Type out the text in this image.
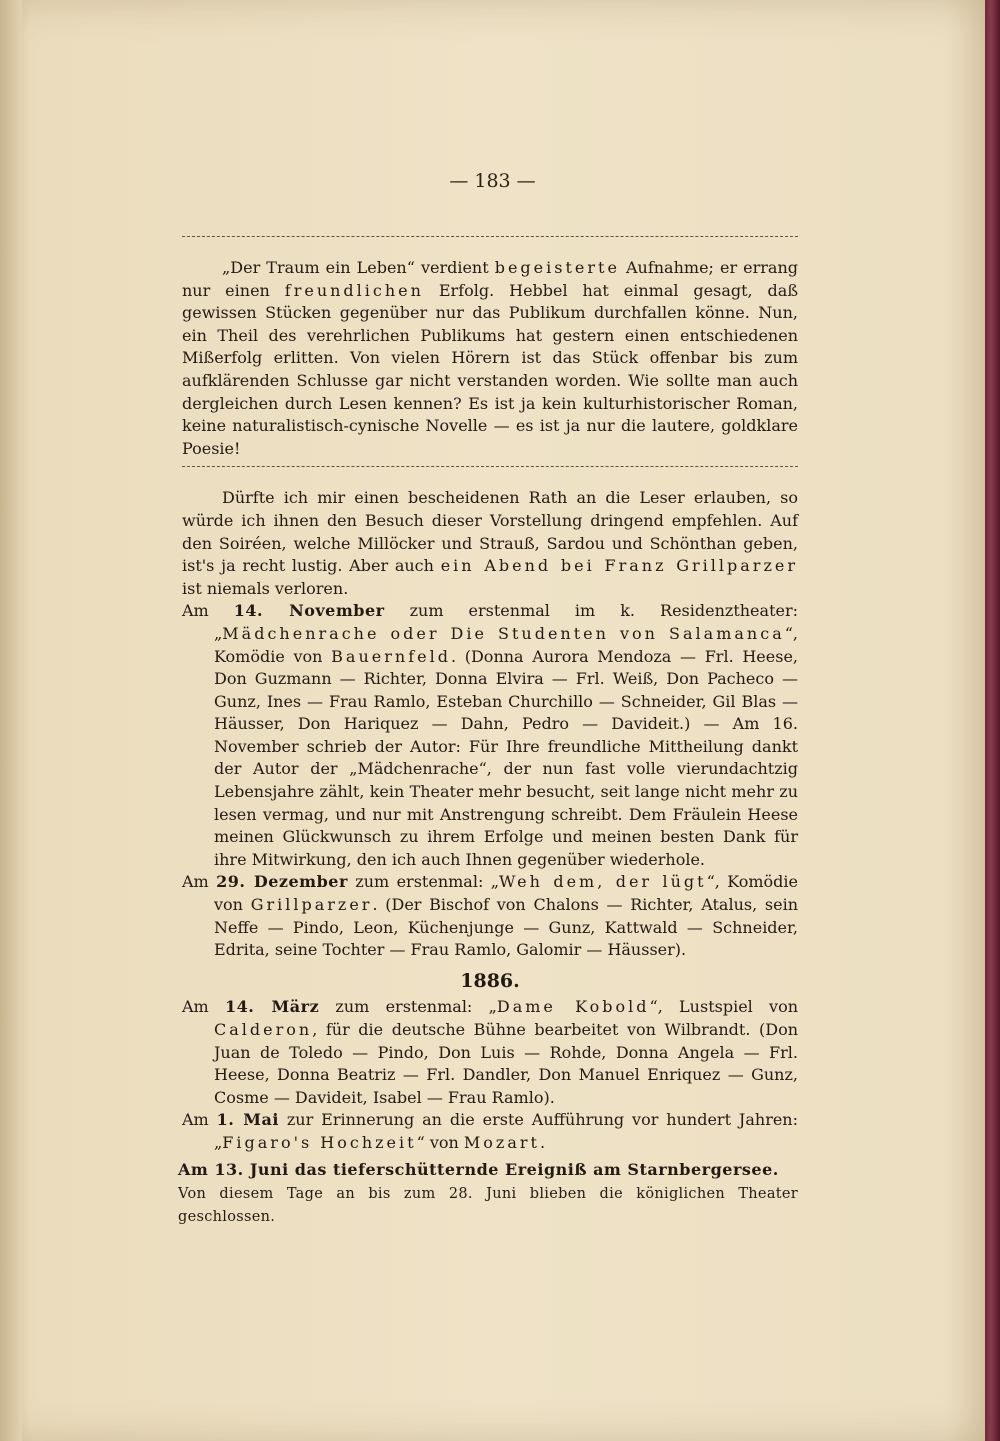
— 183 —

„Der Traum ein Leben“ verdient begeisterte Aufnahme; er errang nur einen freundlichen Erfolg. Hebbel hat einmal gesagt, daß gewissen Stücken gegenüber nur das Publikum durchfallen könne. Nun, ein Theil des verehrlichen Publikums hat gestern einen entschiedenen Mißerfolg erlitten. Von vielen Hörern ist das Stück offenbar bis zum aufklärenden Schlusse gar nicht verstanden worden. Wie sollte man auch dergleichen durch Lesen kennen? Es ist ja kein kulturhistorischer Roman, keine naturalistisch-cynische Novelle — es ist ja nur die lautere, goldklare Poesie!

Dürfte ich mir einen bescheidenen Rath an die Leser erlauben, so würde ich ihnen den Besuch dieser Vorstellung dringend empfehlen. Auf den Soiréen, welche Millöcker und Strauß, Sardou und Schönthan geben, ist's ja recht lustig. Aber auch ein Abend bei Franz Grillparzer ist niemals verloren.

Am 14. November zum erstenmal im k. Residenztheater: „Mädchenrache oder Die Studenten von Salamanca“, Komödie von Bauernfeld. (Donna Aurora Mendoza — Frl. Heese, Don Guzmann — Richter, Donna Elvira — Frl. Weiß, Don Pacheco — Gunz, Ines — Frau Ramlo, Esteban Churchillo — Schneider, Gil Blas — Häusser, Don Hariquez — Dahn, Pedro — Davideit.) — Am 16. November schrieb der Autor: Für Ihre freundliche Mittheilung dankt der Autor der „Mädchenrache“, der nun fast volle vierundachtzig Lebensjahre zählt, kein Theater mehr besucht, seit lange nicht mehr zu lesen vermag, und nur mit Anstrengung schreibt. Dem Fräulein Heese meinen Glückwunsch zu ihrem Erfolge und meinen besten Dank für ihre Mitwirkung, den ich auch Ihnen gegenüber wiederhole.

Am 29. Dezember zum erstenmal: „Weh dem, der lügt“, Komödie von Grillparzer. (Der Bischof von Chalons — Richter, Atalus, sein Neffe — Pindo, Leon, Küchenjunge — Gunz, Kattwald — Schneider, Edrita, seine Tochter — Frau Ramlo, Galomir — Häusser).

1886.

Am 14. März zum erstenmal: „Dame Kobold“, Lustspiel von Calderon, für die deutsche Bühne bearbeitet von Wilbrandt. (Don Juan de Toledo — Pindo, Don Luis — Rohde, Donna Angela — Frl. Heese, Donna Beatriz — Frl. Dandler, Don Manuel Enriquez — Gunz, Cosme — Davideit, Isabel — Frau Ramlo).

Am 1. Mai zur Erinnerung an die erste Aufführung vor hundert Jahren: „Figaro's Hochzeit“ von Mozart.

Am 13. Juni das tieferschütternde Ereigniß am Starnbergersee.
Von diesem Tage an bis zum 28. Juni blieben die königlichen Theater geschlossen.
